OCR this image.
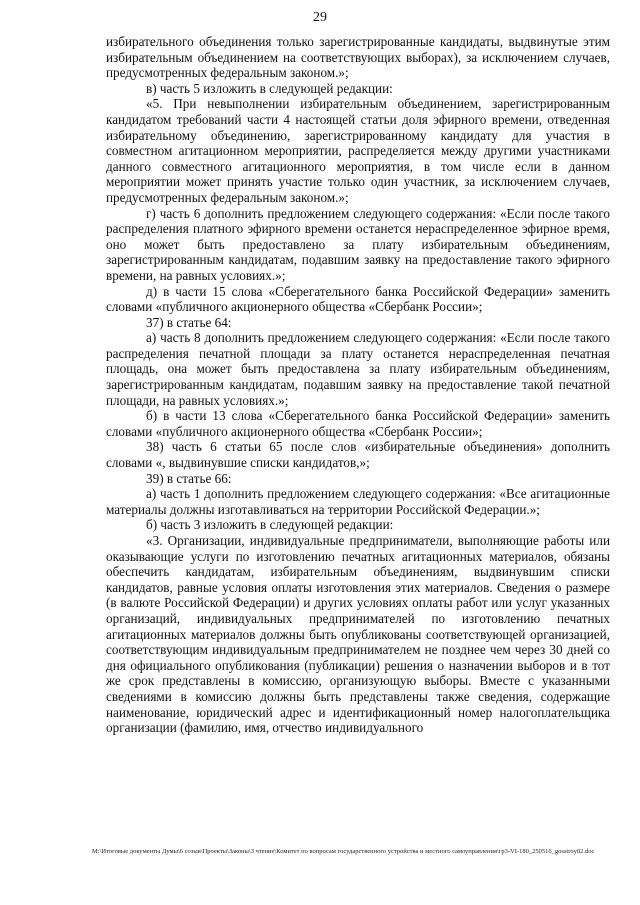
29

избирательного объединения только зарегистрированные кандидаты, выдвинутые этим избирательным объединением на соответствующих выборах), за исключением случаев, предусмотренных федеральным законом.»;

в) часть 5 изложить в следующей редакции:

«5. При невыполнении избирательным объединением, зарегистрированным кандидатом требований части 4 настоящей статьи доля эфирного времени, отведенная избирательному объединению, зарегистрированному кандидату для участия в совместном агитационном мероприятии, распределяется между другими участниками данного совместного агитационного мероприятия, в том числе если в данном мероприятии может принять участие только один участник, за исключением случаев, предусмотренных федеральным законом.»;

г) часть 6 дополнить предложением следующего содержания: «Если после такого распределения платного эфирного времени останется нераспределенное эфирное время, оно может быть предоставлено за плату избирательным объединениям, зарегистрированным кандидатам, подавшим заявку на предоставление такого эфирного времени, на равных условиях.»;

д) в части 15 слова «Сберегательного банка Российской Федерации» заменить словами «публичного акционерного общества «Сбербанк России»;

37) в статье 64:

а) часть 8 дополнить предложением следующего содержания: «Если после такого распределения печатной площади за плату останется нераспределенная печатная площадь, она может быть предоставлена за плату избирательным объединениям, зарегистрированным кандидатам, подавшим заявку на предоставление такой печатной площади, на равных условиях.»;

б) в части 13 слова «Сберегательного банка Российской Федерации» заменить словами «публичного акционерного общества «Сбербанк России»;

38) часть 6 статьи 65 после слов «избирательные объединения» дополнить словами «, выдвинувшие списки кандидатов,»;

39) в статье 66:

а) часть 1 дополнить предложением следующего содержания: «Все агитационные материалы должны изготавливаться на территории Российской Федерации.»;

б) часть 3 изложить в следующей редакции:

«3. Организации, индивидуальные предприниматели, выполняющие работы или оказывающие услуги по изготовлению печатных агитационных материалов, обязаны обеспечить кандидатам, избирательным объединениям, выдвинувшим списки кандидатов, равные условия оплаты изготовления этих материалов. Сведения о размере (в валюте Российской Федерации) и других условиях оплаты работ или услуг указанных организаций, индивидуальных предпринимателей по изготовлению печатных агитационных материалов должны быть опубликованы соответствующей организацией, соответствующим индивидуальным предпринимателем не позднее чем через 30 дней со дня официального опубликования (публикации) решения о назначении выборов и в тот же срок представлены в комиссию, организующую выборы. Вместе с указанными сведениями в комиссию должны быть представлены также сведения, содержащие наименование, юридический адрес и идентификационный номер налогоплательщика организации (фамилию, имя, отчество индивидуального

M:\Итоговые документы Думы\6 созыв\Проекты\Законы\3 чтение\Комитет по вопросам государственного устройства и местного самоуправления\гр3-VI-180_250516_gosstroy02.doc
